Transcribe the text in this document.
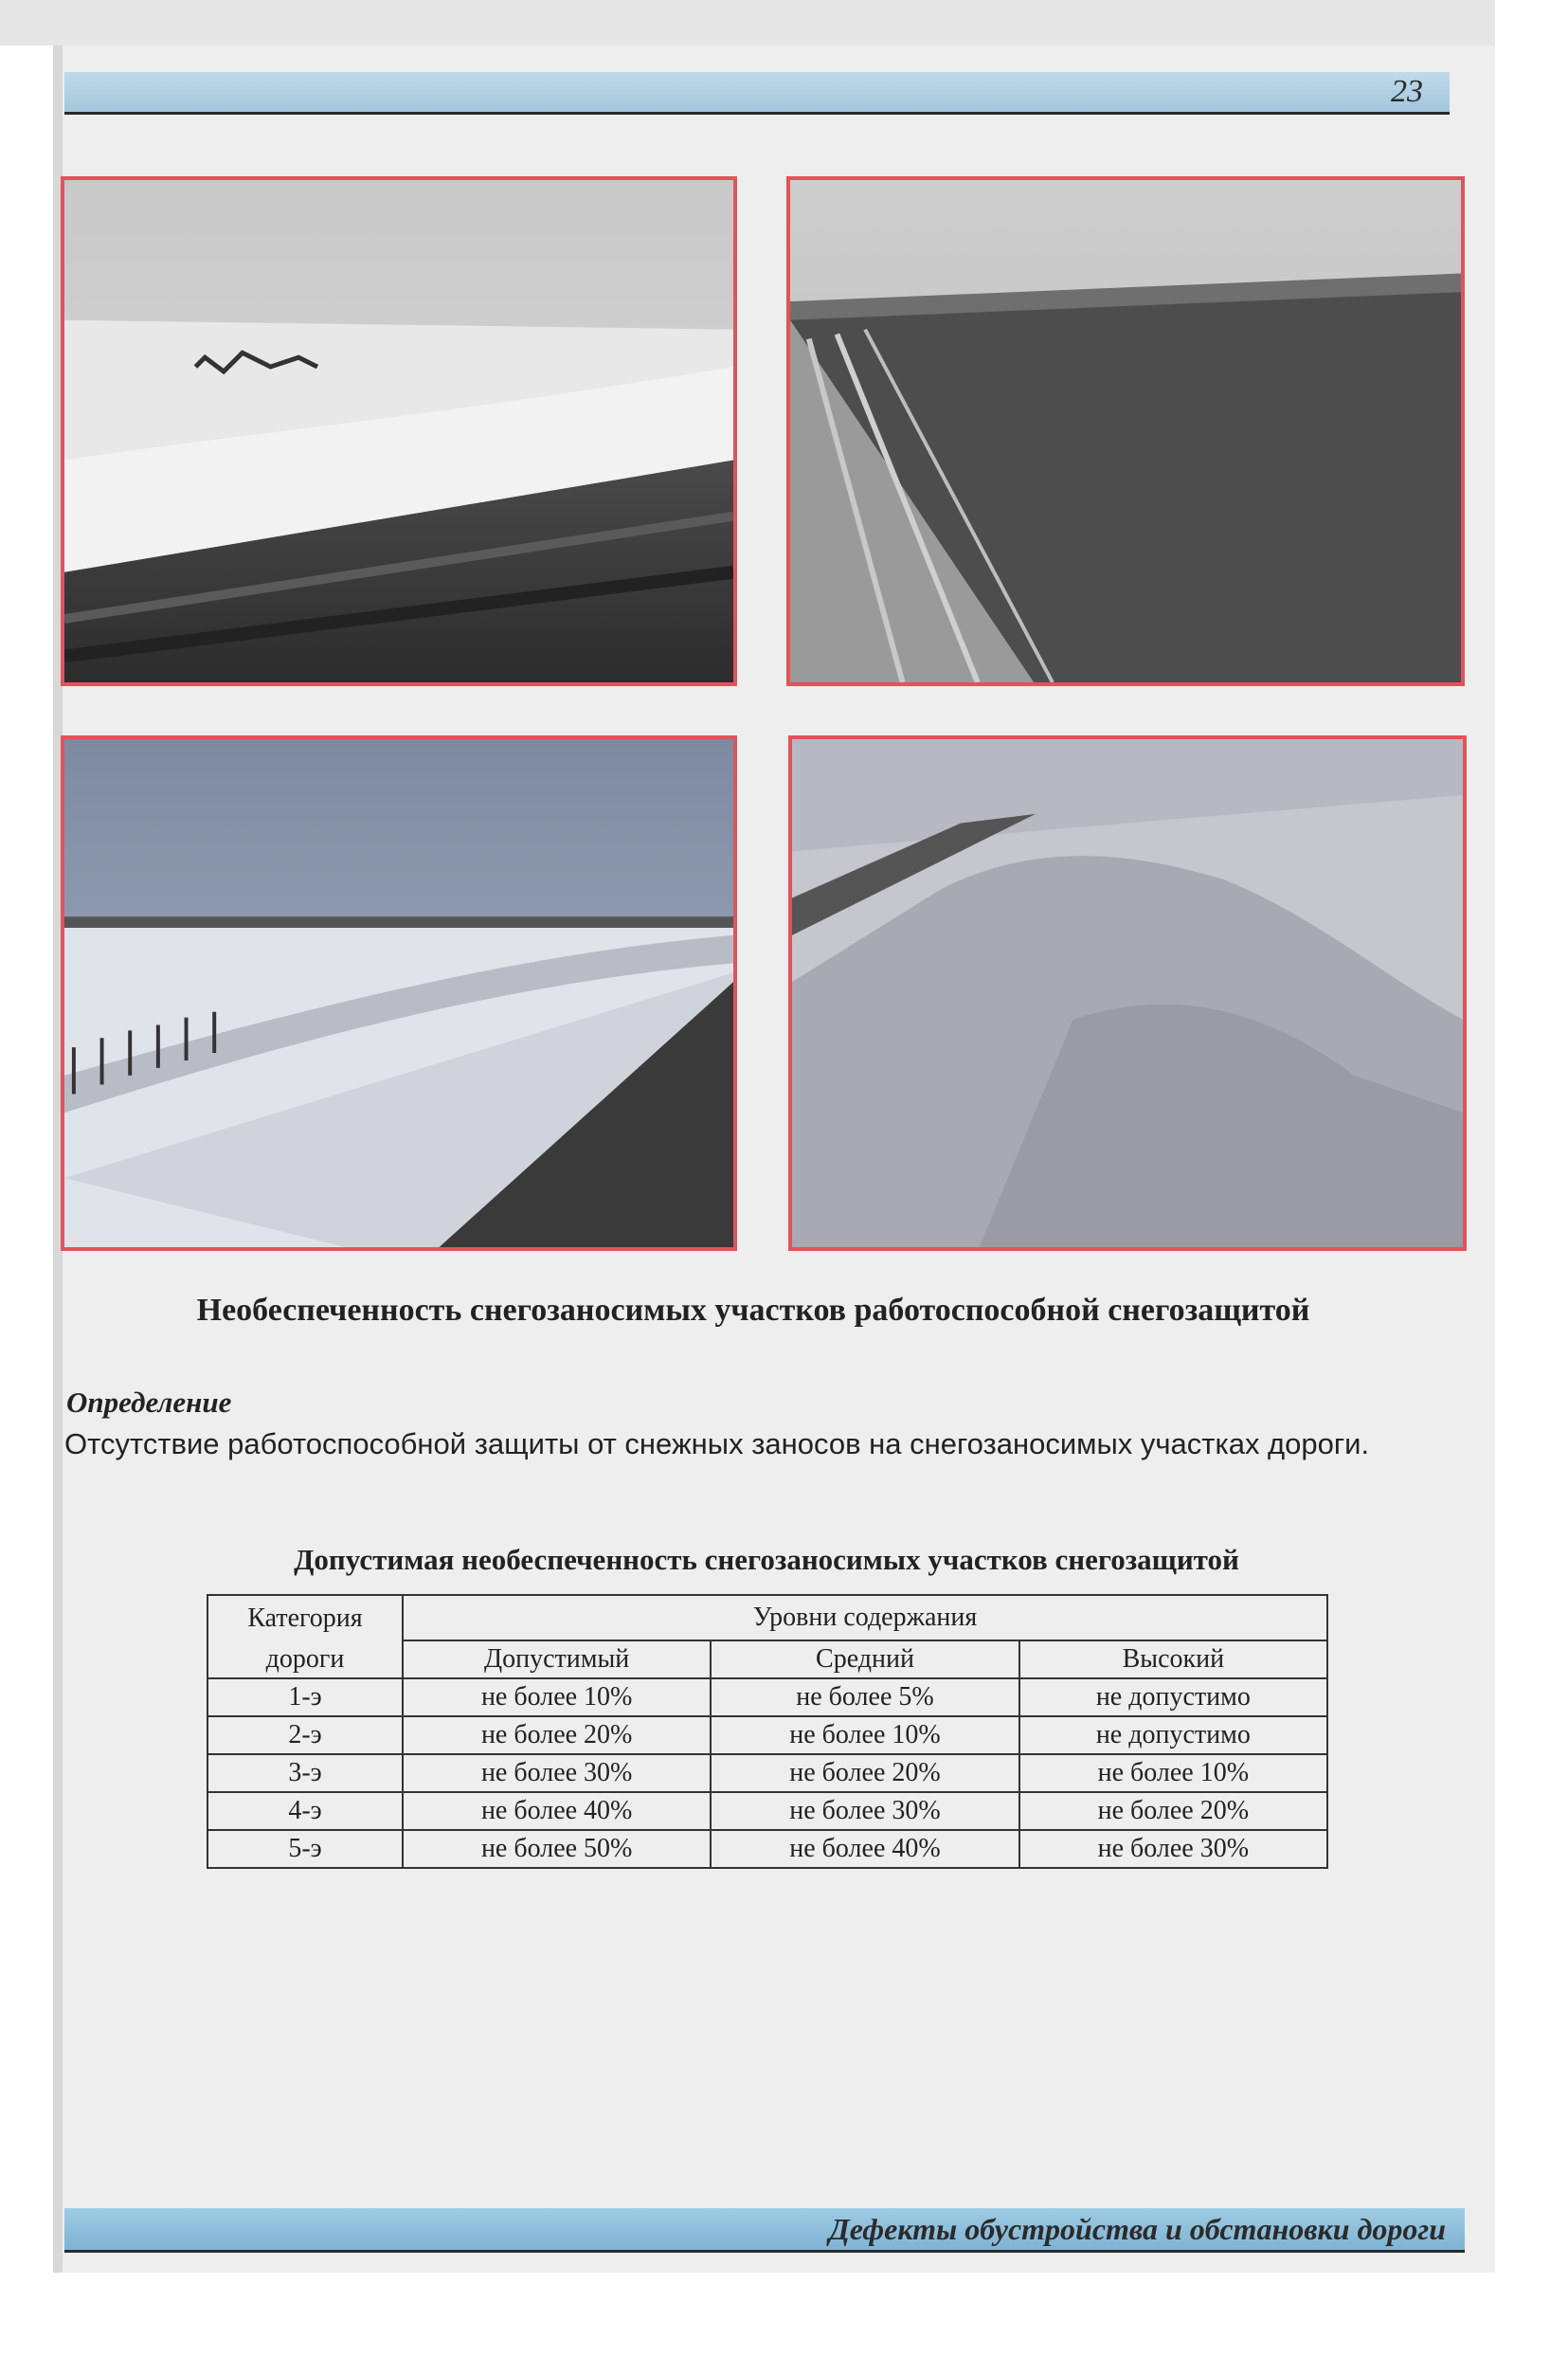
23
Необеспеченность снегозаносимых участков работоспособной снегозащитой
Определение
Отсутствие работоспособной защиты от снежных заносов на снегозаносимых участках дороги.
Допустимая необеспеченность снегозаносимых участков снегозащитой
Категория	Уровни содержания		
дороги	Допустимый	Средний	Высокий
1-э	не более 10%	не более 5%	не допустимо
2-э	не более 20%	не более 10%	не допустимо
3-э	не более 30%	не более 20%	не более 10%
4-э	не более 40%	не более 30%	не более 20%
5-э	не более 50%	не более 40%	не более 30%
Дефекты обустройства и обстановки дороги
